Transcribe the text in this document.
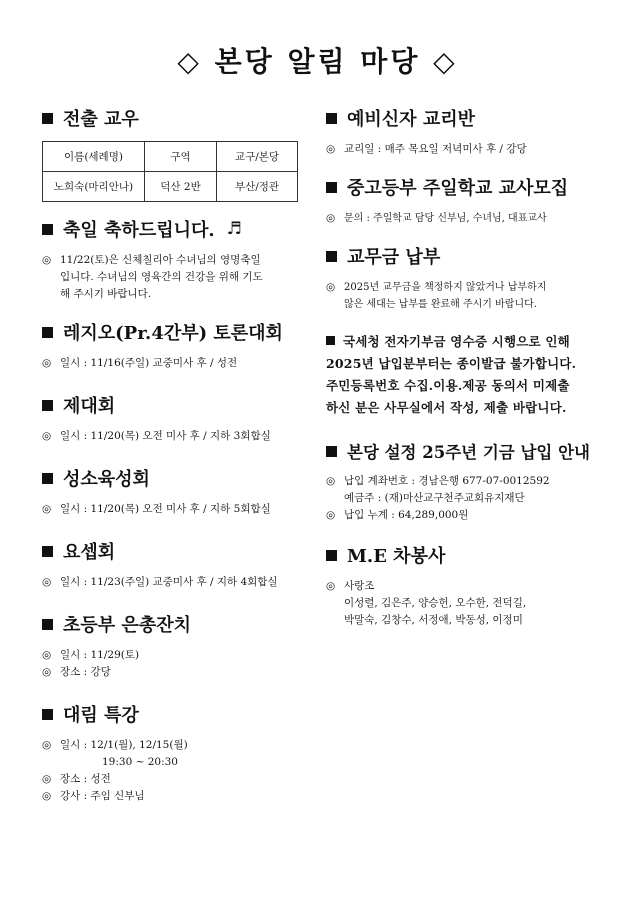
◇ 본당 알림 마당 ◇
전출 교우
이름(세례명)	구역	교구/본당
노희숙(마리안나)	덕산 2반	부산/정관
축일 축하드립니다. ♬
◎ 11/22(토)은 신체칠리아 수녀님의 영명축일
입니다. 수녀님의 영육간의 건강을 위해 기도
해 주시기 바랍니다.
레지오(Pr.4간부) 토론대회
◎ 일시 : 11/16(주일) 교중미사 후 / 성전
제대회
◎ 일시 : 11/20(목) 오전 미사 후 / 지하 3회합실
성소육성회
◎ 일시 : 11/20(목) 오전 미사 후 / 지하 5회합실
요셉회
◎ 일시 : 11/23(주일) 교중미사 후 / 지하 4회합실
초등부 은총잔치
◎ 일시 : 11/29(토)
◎ 장소 : 강당
대림 특강
◎ 일시 : 12/1(월), 12/15(월)
19:30 ~ 20:30
◎ 장소 : 성전
◎ 강사 : 주임 신부님
예비신자 교리반
◎ 교리일 : 매주 목요일 저녁미사 후 / 강당
중고등부 주일학교 교사모집
◎ 문의 : 주일학교 담당 신부님, 수녀님, 대표교사
교무금 납부
◎ 2025년 교무금을 책정하지 않았거나 납부하지
않은 세대는 납부를 완료해 주시기 바랍니다.
국세청 전자기부금 영수증 시행으로 인해
2025년 납입분부터는 종이발급 불가합니다.
주민등록번호 수집.이용.제공 동의서 미제출
하신 분은 사무실에서 작성, 제출 바랍니다.
본당 설정 25주년 기금 납입 안내
◎ 납입 계좌번호 : 경남은행 677-07-0012592
예금주 : (재)마산교구천주교회유지재단
◎ 납입 누계 : 64,289,000원
M.E 차봉사
◎ 사랑조
이성렬, 김은주, 양승헌, 오수한, 전덕길,
박말숙, 김창수, 서정애, 박동성, 이정미
